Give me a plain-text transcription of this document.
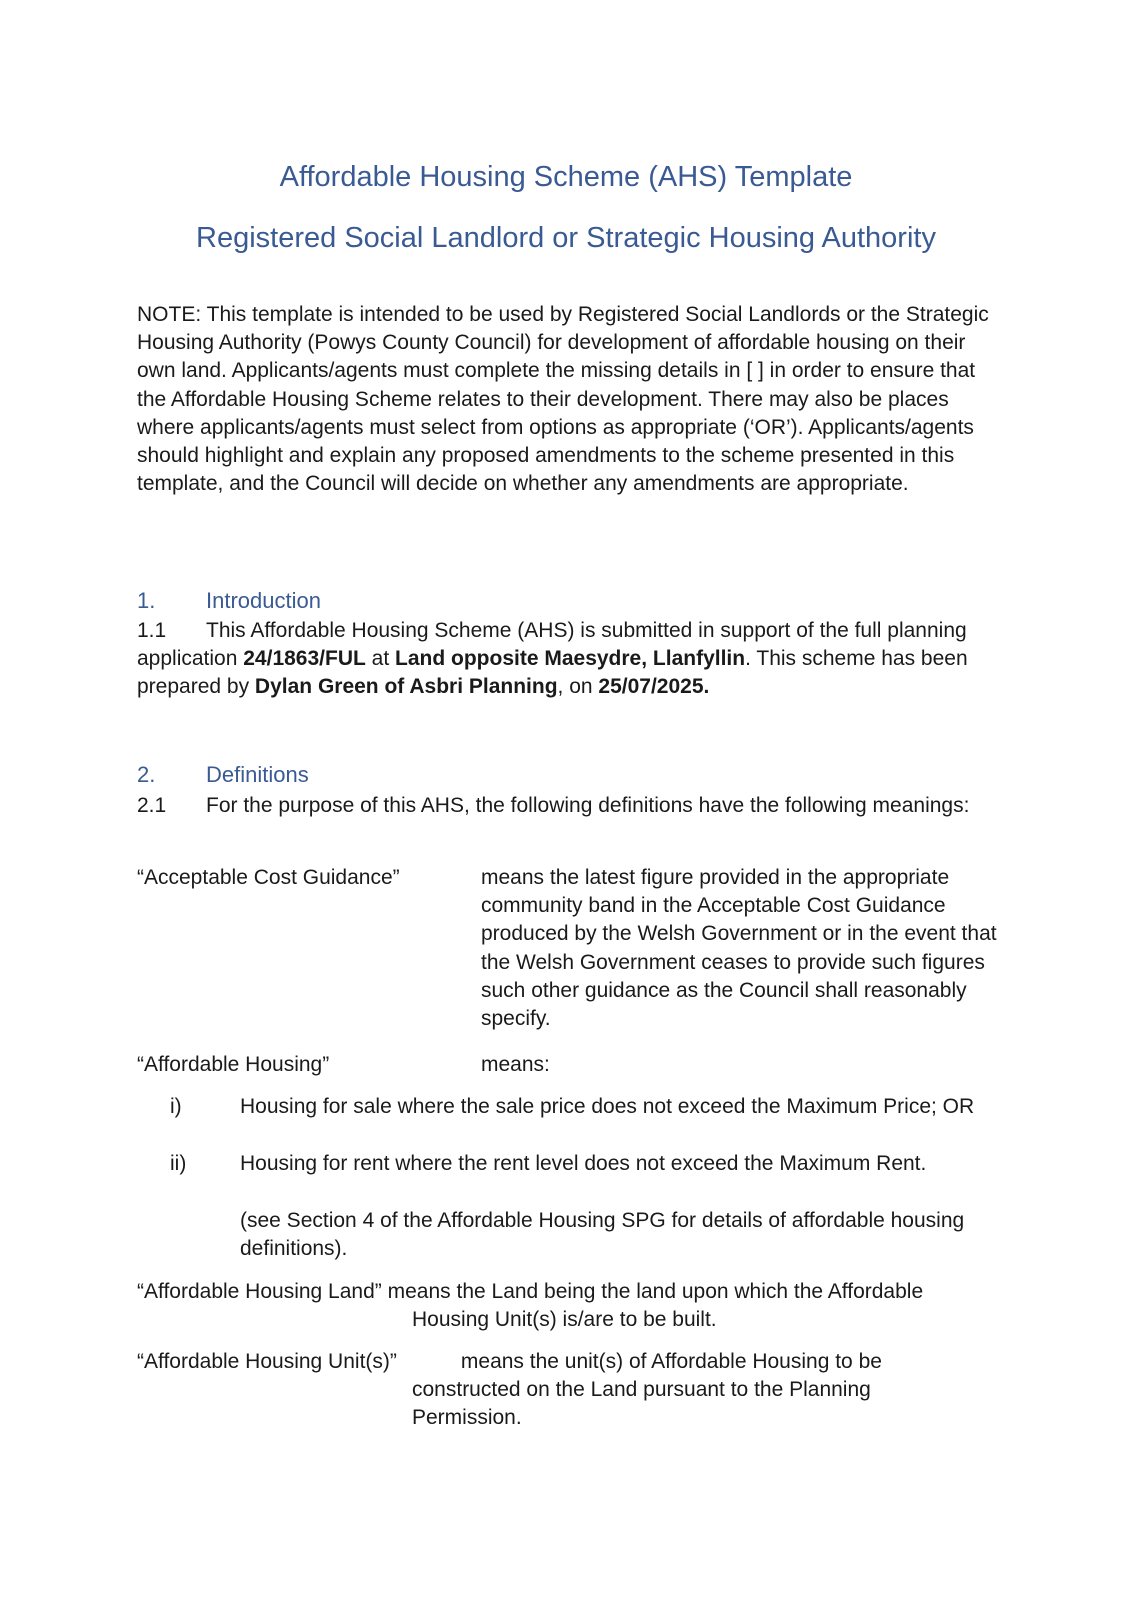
Affordable Housing Scheme (AHS) Template
Registered Social Landlord or Strategic Housing Authority
NOTE: This template is intended to be used by Registered Social Landlords or the Strategic Housing Authority (Powys County Council) for development of affordable housing on their own land. Applicants/agents must complete the missing details in [ ] in order to ensure that the Affordable Housing Scheme relates to their development. There may also be places where applicants/agents must select from options as appropriate (‘OR’). Applicants/agents should highlight and explain any proposed amendments to the scheme presented in this template, and the Council will decide on whether any amendments are appropriate.
1. Introduction
1.1 This Affordable Housing Scheme (AHS) is submitted in support of the full planning application 24/1863/FUL at Land opposite Maesydre, Llanfyllin. This scheme has been prepared by Dylan Green of Asbri Planning, on 25/07/2025.
2. Definitions
2.1 For the purpose of this AHS, the following definitions have the following meanings:
“Acceptable Cost Guidance”	means the latest figure provided in the appropriate community band in the Acceptable Cost Guidance produced by the Welsh Government or in the event that the Welsh Government ceases to provide such figures such other guidance as the Council shall reasonably specify.
“Affordable Housing”	means:
i)	Housing for sale where the sale price does not exceed the Maximum Price; OR
ii)	Housing for rent where the rent level does not exceed the Maximum Rent.
(see Section 4 of the Affordable Housing SPG for details of affordable housing definitions).
“Affordable Housing Land” means the Land being the land upon which the Affordable
Housing Unit(s) is/are to be built.
“Affordable Housing Unit(s)”	means the unit(s) of Affordable Housing to be
constructed on the Land pursuant to the Planning Permission.
